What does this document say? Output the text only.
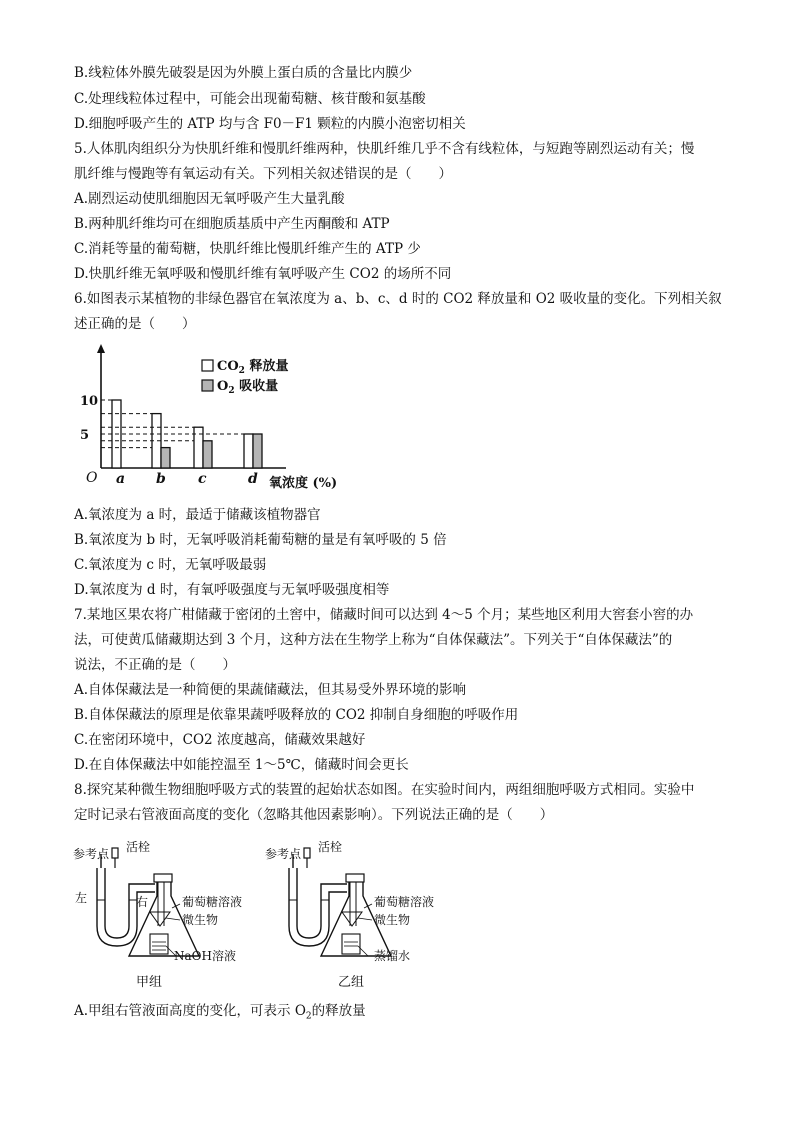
B.线粒体外膜先破裂是因为外膜上蛋白质的含量比内膜少
C.处理线粒体过程中，可能会出现葡萄糖、核苷酸和氨基酸
D.细胞呼吸产生的 ATP 均与含 F0－F1 颗粒的内膜小泡密切相关
5.人体肌肉组织分为快肌纤维和慢肌纤维两种，快肌纤维几乎不含有线粒体，与短跑等剧烈运动有关；慢
肌纤维与慢跑等有氧运动有关。下列相关叙述错误的是（　　）
A.剧烈运动使肌细胞因无氧呼吸产生大量乳酸
B.两种肌纤维均可在细胞质基质中产生丙酮酸和 ATP
C.消耗等量的葡萄糖，快肌纤维比慢肌纤维产生的 ATP 少
D.快肌纤维无氧呼吸和慢肌纤维有氧呼吸产生 CO2 的场所不同
6.如图表示某植物的非绿色器官在氧浓度为 a、b、c、d 时的 CO2 释放量和 O2 吸收量的变化。下列相关叙
述正确的是（　　）
O
5
10
a b c	d
$CO_2$ 释放量
$O_2$ 吸收量
氧浓度 (%)
A.氧浓度为 a 时，最适于储藏该植物器官
B.氧浓度为 b 时，无氧呼吸消耗葡萄糖的量是有氧呼吸的 5 倍
C.氧浓度为 c 时，无氧呼吸最弱
D.氧浓度为 d 时，有氧呼吸强度与无氧呼吸强度相等
7.某地区果农将广柑储藏于密闭的土窖中，储藏时间可以达到 4～5 个月；某些地区利用大窖套小窖的办
法，可使黄瓜储藏期达到 3 个月，这种方法在生物学上称为“自体保藏法”。下列关于“自体保藏法”的
说法，不正确的是（　　）
A.自体保藏法是一种简便的果蔬储藏法，但其易受外界环境的影响
B.自体保藏法的原理是依靠果蔬呼吸释放的 CO2 抑制自身细胞的呼吸作用
C.在密闭环境中，CO2 浓度越高，储藏效果越好
D.在自体保藏法中如能控温至 1～5℃，储藏时间会更长
8.探究某种微生物细胞呼吸方式的装置的起始状态如图。在实验时间内，两组细胞呼吸方式相同。实验中
定时记录右管液面高度的变化（忽略其他因素影响）。下列说法正确的是（　　）
参考点 活栓
左	右	葡萄糖溶液
微生物
NaOH溶液
甲组
参考点 活栓
葡萄糖溶液
微生物
蒸馏水
乙组
A.甲组右管液面高度的变化，可表示 $O_2$的释放量
